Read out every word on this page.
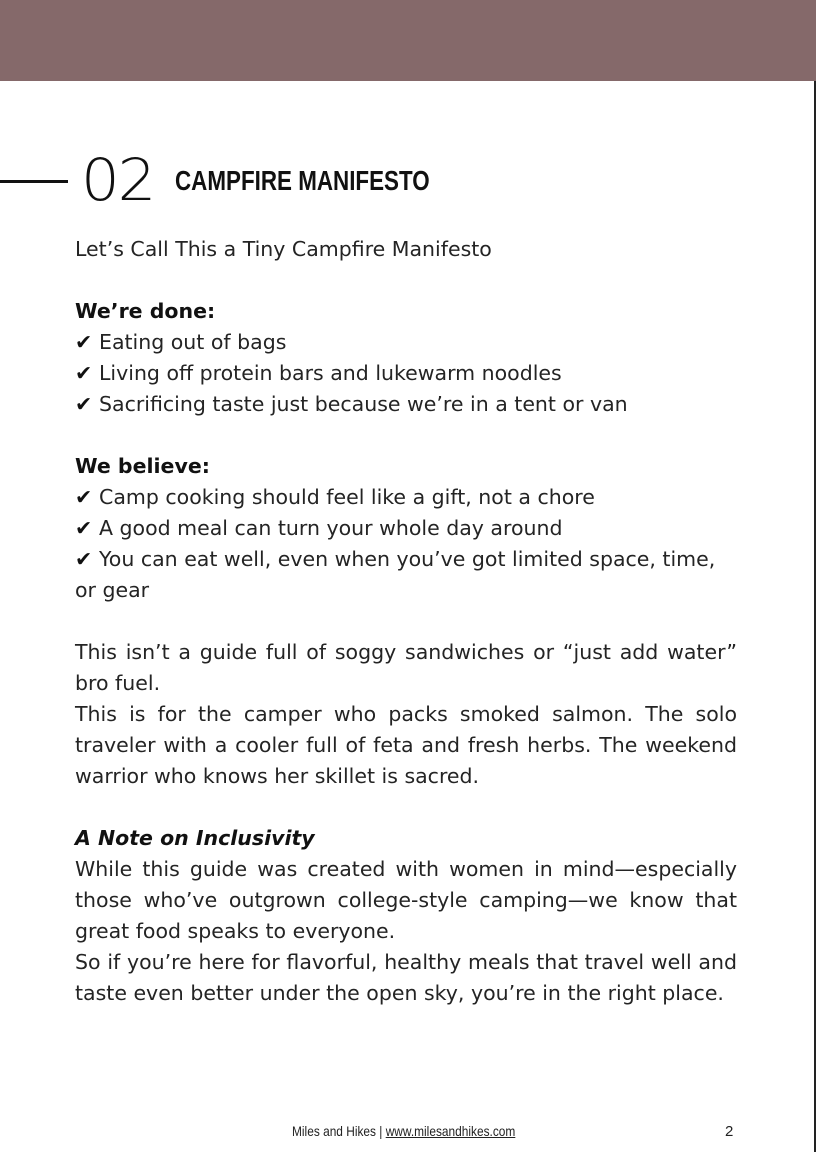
02 CAMPFIRE MANIFESTO

Let’s Call This a Tiny Campfire Manifesto

We’re done:

✔ Eating out of bags

✔ Living off protein bars and lukewarm noodles

✔ Sacrificing taste just because we’re in a tent or van

We believe:

✔ Camp cooking should feel like a gift, not a chore

✔ A good meal can turn your whole day around

✔ You can eat well, even when you’ve got limited space, time, or gear

This isn’t a guide full of soggy sandwiches or “just add water” bro fuel.

This is for the camper who packs smoked salmon. The solo traveler with a cooler full of feta and fresh herbs. The weekend warrior who knows her skillet is sacred.

A Note on Inclusivity

While this guide was created with women in mind—especially those who’ve outgrown college-style camping—we know that great food speaks to everyone.

So if you’re here for flavorful, healthy meals that travel well and taste even better under the open sky, you’re in the right place.

Miles and Hikes | www.milesandhikes.com	2
